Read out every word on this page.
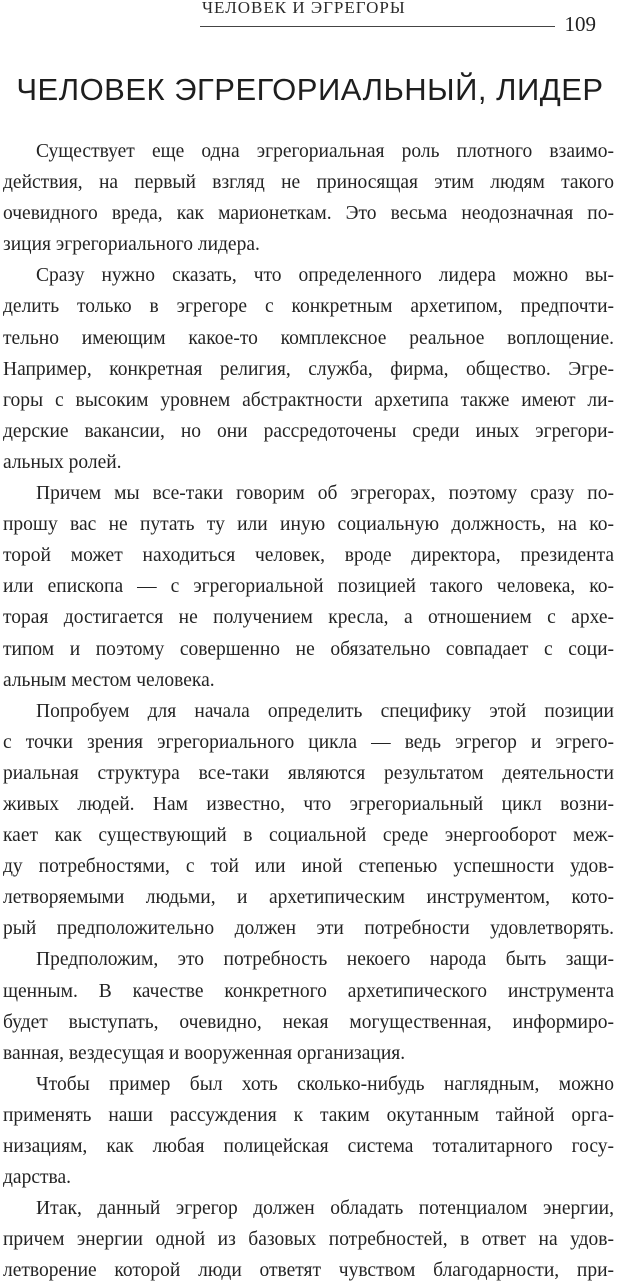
ЧЕЛОВЕК И ЭГРЕГОРЫ
109
ЧЕЛОВЕК ЭГРЕГОРИАЛЬНЫЙ, ЛИДЕР
Существует еще одна эгрегориальная роль плотного взаимо-
действия, на первый взгляд не приносящая этим людям такого
очевидного вреда, как марионеткам. Это весьма неодозначная по-
зиция эгрегориального лидера.
Сразу нужно сказать, что определенного лидера можно вы-
делить только в эгрегоре с конкретным архетипом, предпочти-
тельно имеющим какое-то комплексное реальное воплощение.
Например, конкретная религия, служба, фирма, общество. Эгре-
горы с высоким уровнем абстрактности архетипа также имеют ли-
дерские вакансии, но они рассредоточены среди иных эгрегори-
альных ролей.
Причем мы все-таки говорим об эгрегорах, поэтому сразу по-
прошу вас не путать ту или иную социальную должность, на ко-
торой может находиться человек, вроде директора, президента
или епископа — с эгрегориальной позицией такого человека, ко-
торая достигается не получением кресла, а отношением с архе-
типом и поэтому совершенно не обязательно совпадает с соци-
альным местом человека.
Попробуем для начала определить специфику этой позиции
с точки зрения эгрегориального цикла — ведь эгрегор и эгрего-
риальная структура все-таки являются результатом деятельности
живых людей. Нам известно, что эгрегориальный цикл возни-
кает как существующий в социальной среде энергооборот меж-
ду потребностями, с той или иной степенью успешности удов-
летворяемыми людьми, и архетипическим инструментом, кото-
рый предположительно должен эти потребности удовлетворять.
Предположим, это потребность некоего народа быть защи-
щенным. В качестве конкретного архетипического инструмента
будет выступать, очевидно, некая могущественная, информиро-
ванная, вездесущая и вооруженная организация.
Чтобы пример был хоть сколько-нибудь наглядным, можно
применять наши рассуждения к таким окутанным тайной орга-
низациям, как любая полицейская система тоталитарного госу-
дарства.
Итак, данный эгрегор должен обладать потенциалом энергии,
причем энергии одной из базовых потребностей, в ответ на удов-
летворение которой люди ответят чувством благодарности, при-
